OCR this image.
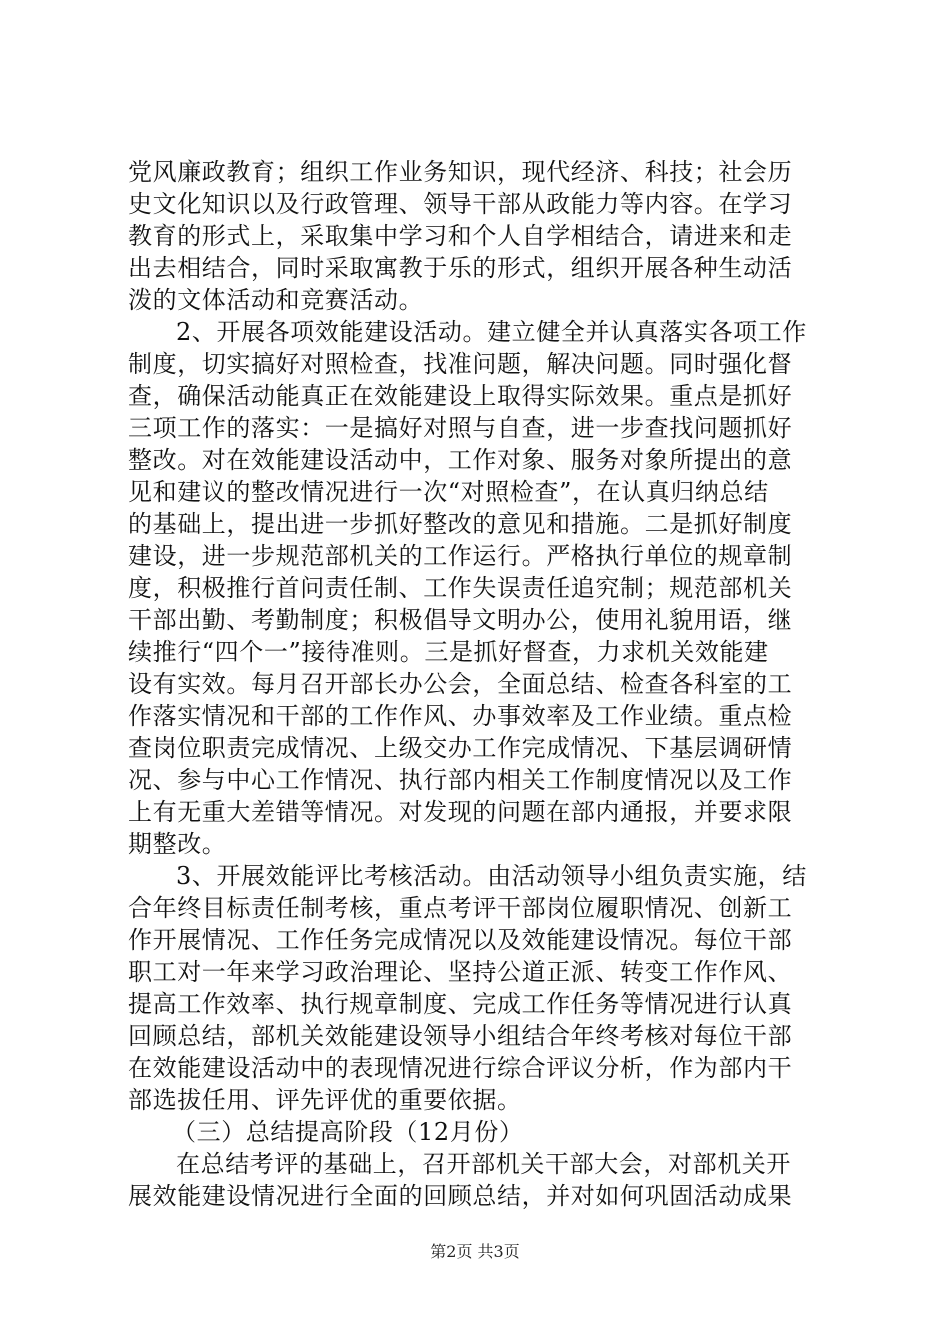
党风廉政教育；组织工作业务知识，现代经济、科技；社会历
史文化知识以及行政管理、领导干部从政能力等内容。在学习
教育的形式上，采取集中学习和个人自学相结合，请进来和走
出去相结合，同时采取寓教于乐的形式，组织开展各种生动活
泼的文体活动和竞赛活动。
2、开展各项效能建设活动。建立健全并认真落实各项工作
制度，切实搞好对照检查，找准问题，解决问题。同时强化督
查，确保活动能真正在效能建设上取得实际效果。重点是抓好
三项工作的落实：一是搞好对照与自查，进一步查找问题抓好
整改。对在效能建设活动中，工作对象、服务对象所提出的意
见和建议的整改情况进行一次“对照检查”，在认真归纳总结
的基础上，提出进一步抓好整改的意见和措施。二是抓好制度
建设，进一步规范部机关的工作运行。严格执行单位的规章制
度，积极推行首问责任制、工作失误责任追究制；规范部机关
干部出勤、考勤制度；积极倡导文明办公，使用礼貌用语，继
续推行“四个一”接待准则。三是抓好督查，力求机关效能建
设有实效。每月召开部长办公会，全面总结、检查各科室的工
作落实情况和干部的工作作风、办事效率及工作业绩。重点检
查岗位职责完成情况、上级交办工作完成情况、下基层调研情
况、参与中心工作情况、执行部内相关工作制度情况以及工作
上有无重大差错等情况。对发现的问题在部内通报，并要求限
期整改。
3、开展效能评比考核活动。由活动领导小组负责实施，结
合年终目标责任制考核，重点考评干部岗位履职情况、创新工
作开展情况、工作任务完成情况以及效能建设情况。每位干部
职工对一年来学习政治理论、坚持公道正派、转变工作作风、
提高工作效率、执行规章制度、完成工作任务等情况进行认真
回顾总结，部机关效能建设领导小组结合年终考核对每位干部
在效能建设活动中的表现情况进行综合评议分析，作为部内干
部选拔任用、评先评优的重要依据。
（三）总结提高阶段（12月份）
在总结考评的基础上，召开部机关干部大会，对部机关开
展效能建设情况进行全面的回顾总结，并对如何巩固活动成果
第2页 共3页
